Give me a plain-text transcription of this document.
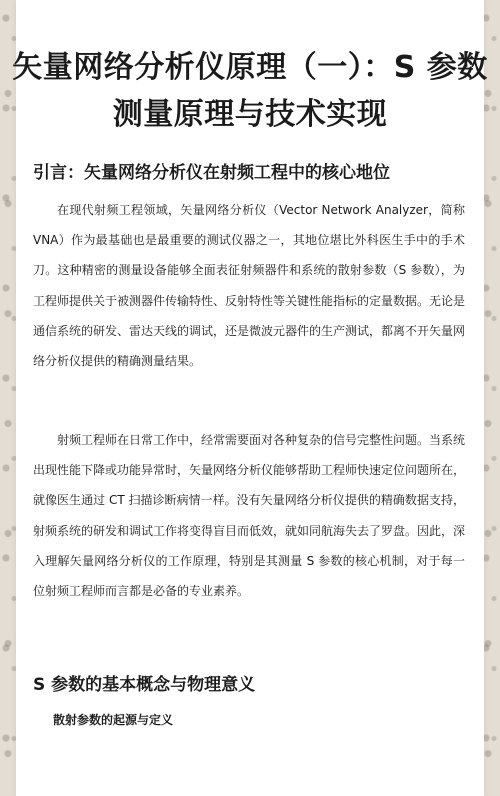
矢量网络分析仪原理（一）：S 参数测量原理与技术实现
引言：矢量网络分析仪在射频工程中的核心地位
在现代射频工程领域，矢量网络分析仪（Vector Network Analyzer，简称 VNA）作为最基础也是最重要的测试仪器之一，其地位堪比外科医生手中的手术刀。这种精密的测量设备能够全面表征射频器件和系统的散射参数（S 参数），为工程师提供关于被测器件传输特性、反射特性等关键性能指标的定量数据。无论是通信系统的研发、雷达天线的调试，还是微波元器件的生产测试，都离不开矢量网络分析仪提供的精确测量结果。
射频工程师在日常工作中，经常需要面对各种复杂的信号完整性问题。当系统出现性能下降或功能异常时，矢量网络分析仪能够帮助工程师快速定位问题所在，就像医生通过 CT 扫描诊断病情一样。没有矢量网络分析仪提供的精确数据支持，射频系统的研发和调试工作将变得盲目而低效，就如同航海失去了罗盘。因此，深入理解矢量网络分析仪的工作原理，特别是其测量 S 参数的核心机制，对于每一位射频工程师而言都是必备的专业素养。
S 参数的基本概念与物理意义
散射参数的起源与定义
